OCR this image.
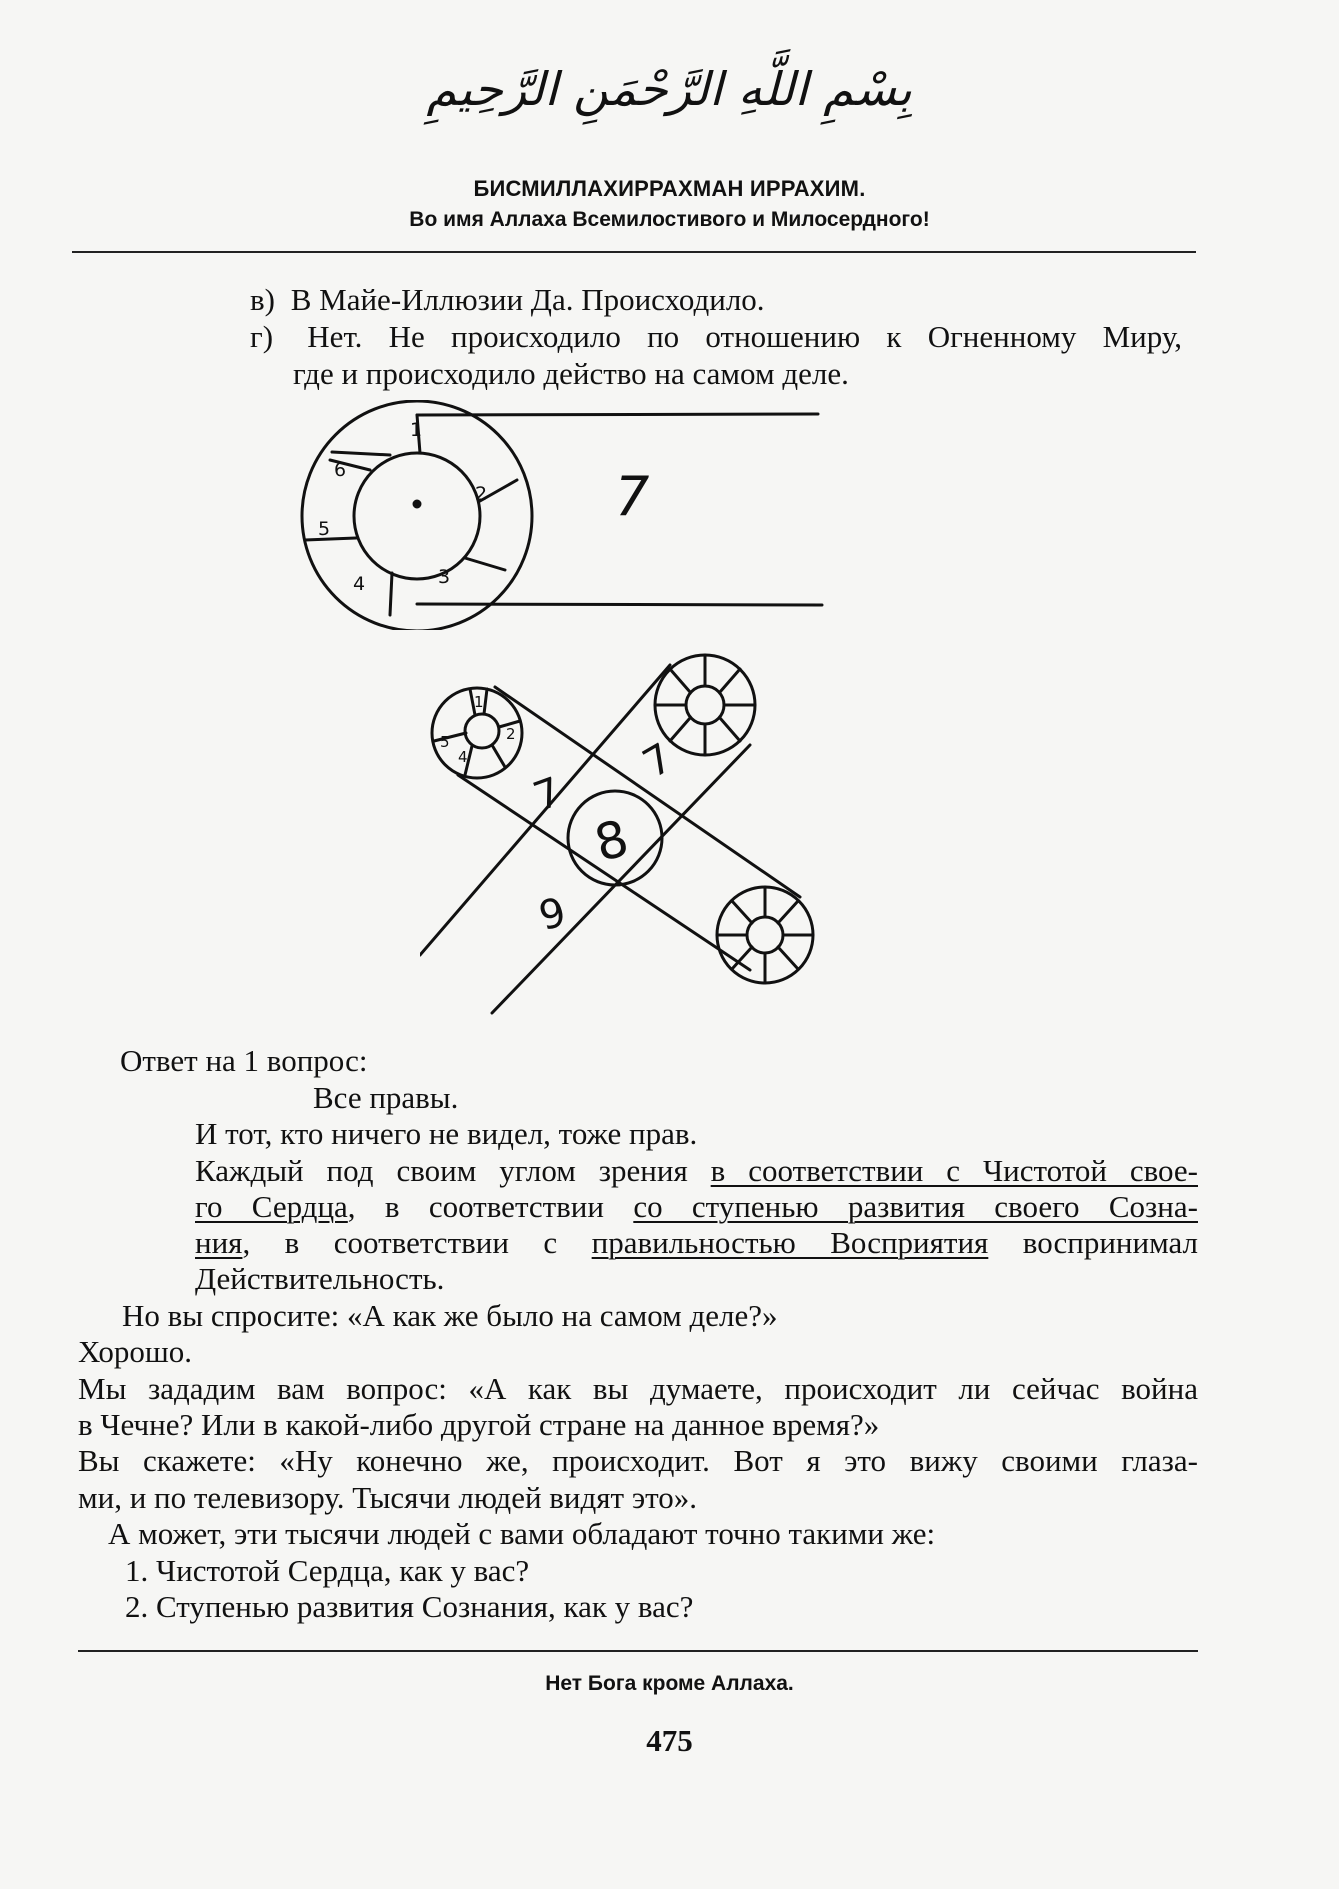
بِسْمِ اللَّهِ الرَّحْمَنِ الرَّحِيمِ
БИСМИЛЛАХИРРАХМАН ИРРАХИМ.
Во имя Аллаха Всемилостивого и Милосердного!
в) В Майе-Иллюзии Да. Происходило.
г) Нет. Не происходило по отношению к Огненному Миру,
где и происходило действо на самом деле.
1
2
3
4
5
6	7
1
2
4
5
7
7
8
9
Ответ на 1 вопрос:
Все правы.
И тот, кто ничего не видел, тоже прав.
Каждый под своим углом зрения в соответствии с Чистотой свое-
го Сердца, в соответствии со ступенью развития своего Созна-
ния, в соответствии с правильностью Восприятия воспринимал
Действительность.
Но вы спросите: «А как же было на самом деле?»
Хорошо.
Мы зададим вам вопрос: «А как вы думаете, происходит ли сейчас война
в Чечне? Или в какой-либо другой стране на данное время?»
Вы скажете: «Ну конечно же, происходит. Вот я это вижу своими глаза-
ми, и по телевизору. Тысячи людей видят это».
А может, эти тысячи людей с вами обладают точно такими же:
1. Чистотой Сердца, как у вас?
2. Ступенью развития Сознания, как у вас?
Нет Бога кроме Аллаха.
475
